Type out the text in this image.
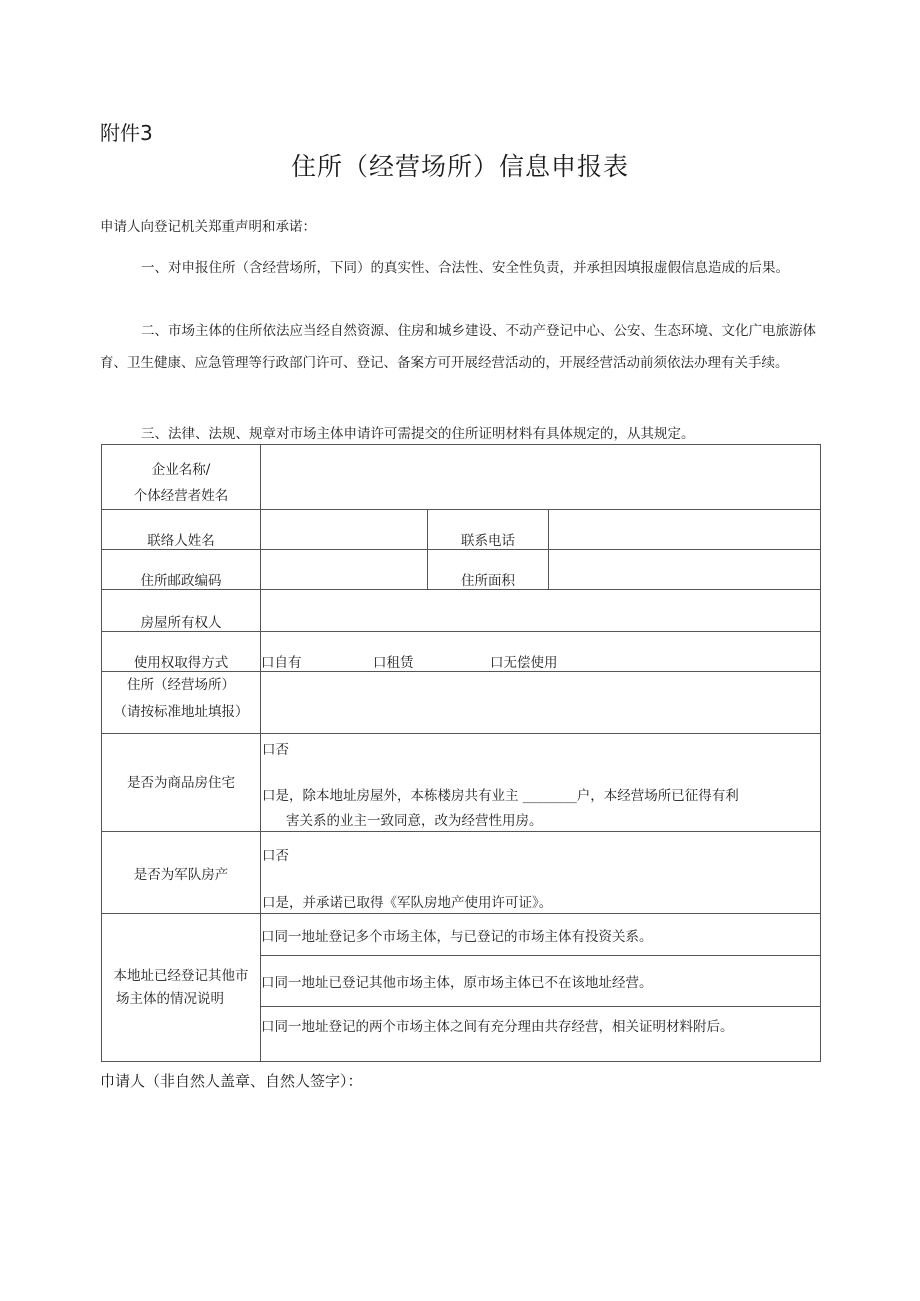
附件3
住所（经营场所）信息申报表
申请人向登记机关郑重声明和承诺：
一、对申报住所（含经营场所，下同）的真实性、合法性、安全性负责，并承担因填报虚假信息造成的后果。
二、市场主体的住所依法应当经自然资源、住房和城乡建设、不动产登记中心、公安、生态环境、文化广电旅游体育、卫生健康、应急管理等行政部门许可、登记、备案方可开展经营活动的，开展经营活动前须依法办理有关手续。
三、法律、法规、规章对市场主体申请许可需提交的住所证明材料有具体规定的，从其规定。
企业名称/
个体经营者姓名			

联络人姓名		联系电话	

住所邮政编码		住所面积	

房屋所有权人			

使用权取得方式	口自有 口租赁 口无偿使用		

住所（经营场所）
（请按标准地址填报）			

是否为商品房住宅	口否
口是，除本地址房屋外，本栋楼房共有业主 ________户，本经营场所已征得有利
害关系的业主一致同意，改为经营性用房。		

是否为军队房产	口否
口是，并承诺已取得《军队房地产使用许可证》。		

本地址已经登记其他市
场主体的情况说明	口同一地址登记多个市场主体，与已登记的市场主体有投资关系。		
	口同一地址已登记其他市场主体，原市场主体已不在该地址经营。		
	口同一地址登记的两个市场主体之间有充分理由共存经营，相关证明材料附后。		
巾请人（非自然人盖章、自然人签字）：
